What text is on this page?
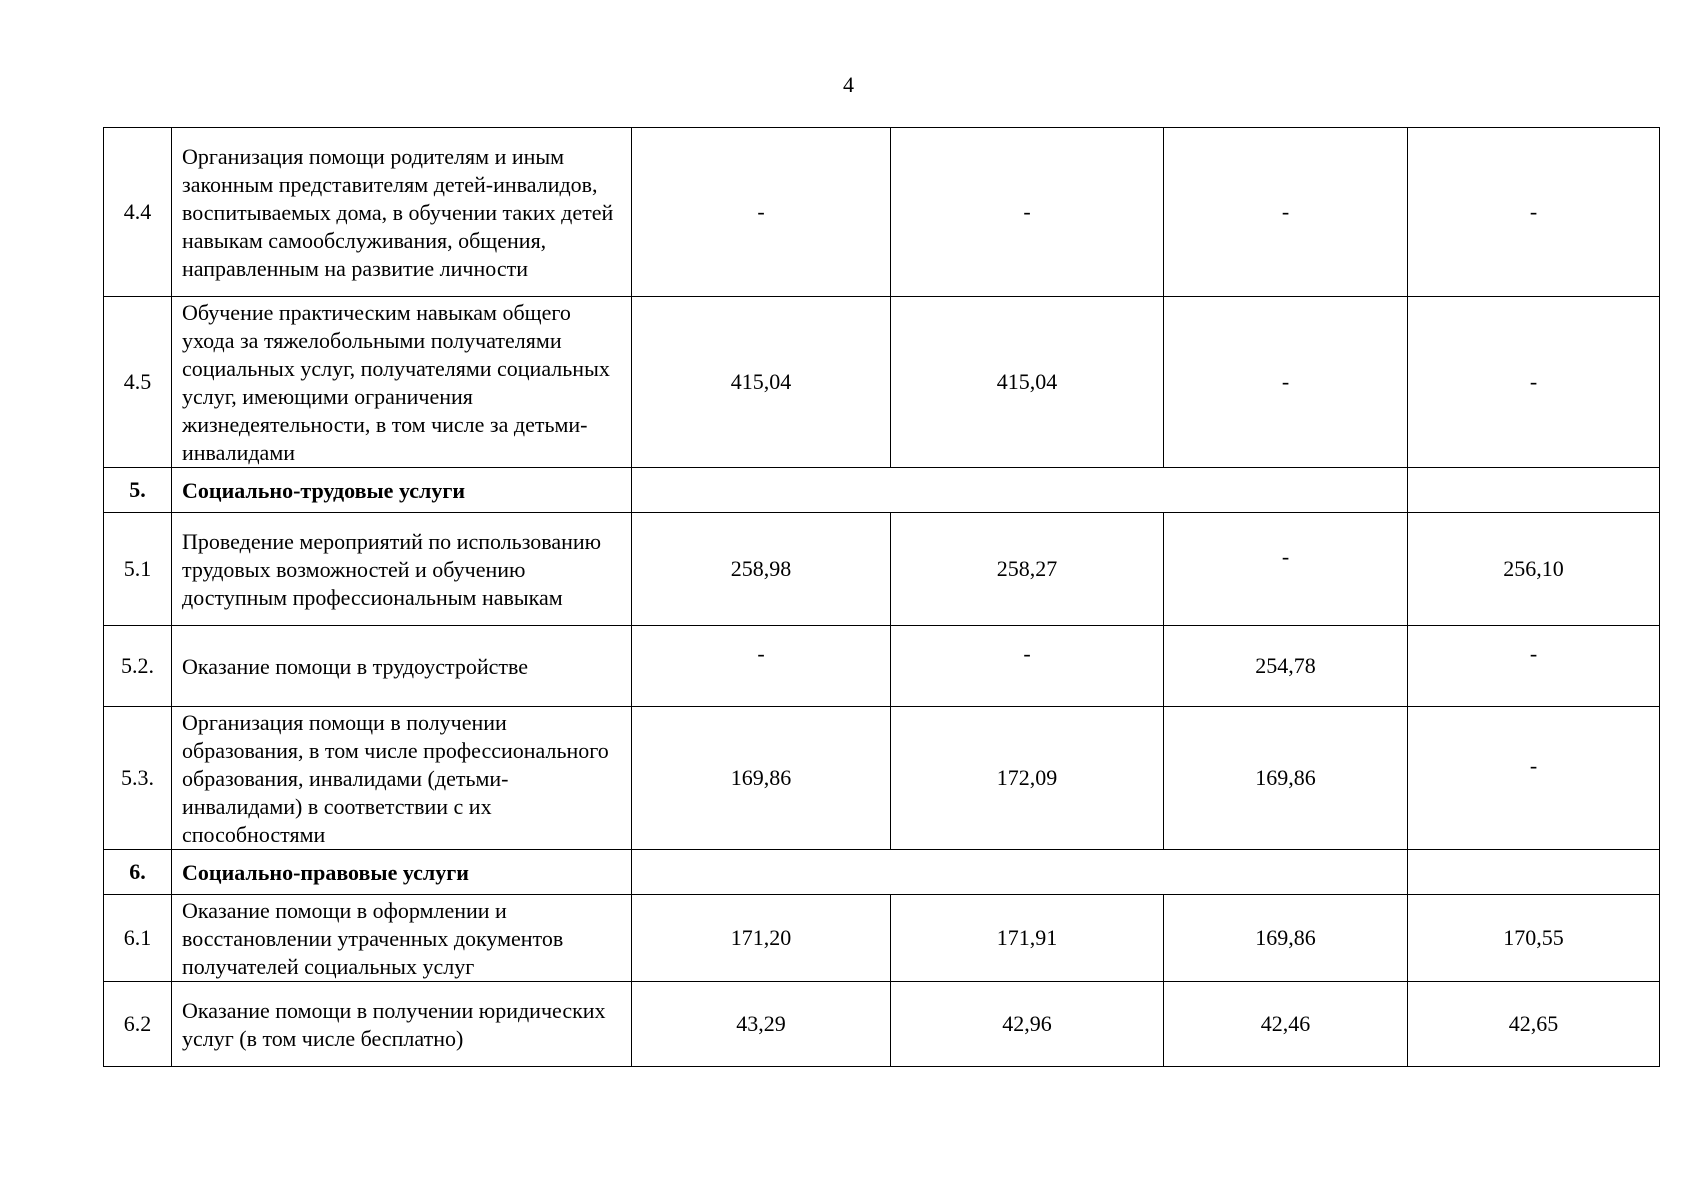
4
4.4	Организация помощи родителям и иным законным представителям детей-инвалидов, воспитываемых дома, в обучении таких детей навыкам самообслуживания, общения, направленным на развитие личности	-	-	-	-
4.5	Обучение практическим навыкам общего ухода за тяжелобольными получателями социальных услуг, получателями социальных услуг, имеющими ограничения жизнедеятельности, в том числе за детьми-инвалидами	415,04	415,04	-	-
5.	Социально-трудовые услуги				
5.1	Проведение мероприятий по использованию трудовых возможностей и обучению доступным профессиональным навыкам	258,98	258,27	-	256,10
5.2.	Оказание помощи в трудоустройстве	-	-	254,78	-
5.3.	Организация помощи в получении образования, в том числе профессионального образования, инвалидами (детьми-инвалидами) в соответствии с их способностями	169,86	172,09	169,86	-
6.	Социально-правовые услуги				
6.1	Оказание помощи в оформлении и восстановлении утраченных документов получателей социальных услуг	171,20	171,91	169,86	170,55
6.2	Оказание помощи в получении юридических услуг (в том числе бесплатно)	43,29	42,96	42,46	42,65
